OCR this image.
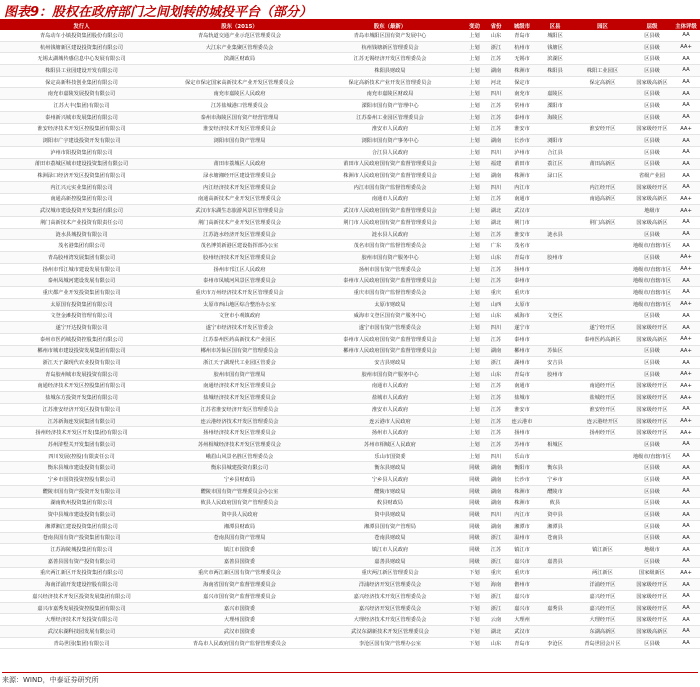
图表9：股权在政府部门之间划转的城投平台（部分）
发行人	股东（2015）	股东（最新）	变动	省份	城级市	区县	园区	层级	主体评级
青岛动车小镇投资集团股份有限公司	青岛轨道交通产业示范区管理委员会	青岛市城阳区国有资产发展中心	上划	山东	青岛市	城阳区		区县级	AA
杭州钱塘新区建设投资集团有限公司	大江东产业集聚区管理委员会	杭州钱塘新区管理委员会	上划	浙江	杭州市	钱塘区		区县级	AA+
无锡太湖城传感信息中心发展有限公司	滨湖区财政局	江苏无锡经济开发区管理委员会	上划	江苏	无锡市	滨湖区		区县级	AA
株阳县工业园建设开发有限公司		株阳县财政局	上划	湖南	株洲市	株阳县	株阳工业园区	区县级	AA
保定高新科技创业集团有限公司	保定市保定国家高新技术产业开发区管理委员会	保定高新技术产业开发区管理委员会	上划	河北	保定市		保定高新区	国家级高新区	AA
南充市嘉陵发展投资有限公司	南充市嘉陵区人民政府	南充市嘉陵区财政局	上划	四川	南充市	嘉陵区		区县级	AA
江苏大丰(集团)有限公司	江苏盐城港口管理委员会	溧阳市国有资产管理中心	上划	江苏	常州市	溧阳市		区县级	AA
泰州新兴城市发展集团有限公司	泰州市海陵区国有资产经营管理局	江苏泰州工业园区管理委员会	上划	江苏	泰州市	海陵区		区县级	AA
淮安经济技术开发区控股集团有限公司	淮安经济技术开发区管理委员会	淮安市人民政府	上划	江苏	淮安市		淮安经开区	国家级经开区	AA+
浏阳市广宇建设投资开发有限公司	浏阳市国有资产管理局	浏阳市国有资产事务中心	上划	湖南	长沙市	浏阳市		区县级	AA
泸州市阳投资集团有限公司		合江县人民政府	上划	四川	泸州市	合江县		区县级	AA
莆田市荔城区城市建设投资集团有限公司	莆田市荔城区人民政府	莆田市人民政府国有资产监督管理委员会	上划	福建	莆田市	荔江区	莆田高新区	区县级	AA
株洲渌口经济开发区投资集团有限公司	渌水塘湘经开区建设管理委员会	株洲市人民政府国有资产监督管理委员会	上划	湖南	株洲市	渌口区		省级产业园	AA
内江兴元实业集团有限公司	内江经济技术开发区管理委员会	内江市国有资产监督管理委员会	上划	四川	内江市		内江经开区	国家级经开区	AA
南通高新控股集团有限公司	南通高新技术产业开发区管理委员会	南通市人民政府	上划	江苏	南通市		南通高新区	国家级高新区	AA+
武汉城市建设投资开发集团有限公司	武汉市东湖生态旅游风景区管理委员会	武汉市人民政府国有资产监督管理委员会	上划	湖北	武汉市			地级市	AA+
荆门高新技术产业投资有限责任公司	荆门高新技术产业开发区管理委员会	荆门市人民政府国有资产监督管理委员会	上划	湖北	荆门市		荆门高新区	国家级高新区	AA
涟水县城投资有限公司	江苏涟水经济开发区管理委员会	涟水县人民政府	上划	江苏	淮安市	涟水县		区县级	AA
茂名港集团有限公司	茂名博贺新港区建设指挥部办公室	茂名市国有资产监督管理委员会	上划	广东	茂名市			地级市/直辖市区	AA
青岛胶州湾发展集团有限公司	胶州经济技术开发区管理委员会	胶州市国有资产服务中心	上划	山东	青岛市	胶州市		区县级	AA+
扬州市邗江城市建设发展有限公司	扬州市邗江区人民政府	扬州市国有资产管理委员会	上划	江苏	扬州市			地级市/直辖市区	AA+
泰州凤城河建设发展有限公司	泰州市凤城河风景区管理委员会	泰州市人民政府国有资产监督管理委员会	上划	江苏	泰州市			地级市/直辖市区	AA
重庆都产业开发投资集团有限公司	重庆市万州经济技术开发区管理委员会	重庆市国有资产监督管理委员会	上划	重庆	重庆市			地级市/直辖市区	AA
太原国有投资集团有限公司	太原市西山地区综合整治办公室	太原市财政局	上划	山西	太原市			地级市/直辖市区	AA+
文登金滩投资管理有限公司	文登市小观镇政府	威海市文登区国有资产服务中心	上划	山东	威海市	文登区		区县级	AA
遂宁开达投资有限公司	遂宁市经济技术开发区管委会	遂宁市国有资产管理委员会	上划	四川	遂宁市		遂宁经开区	国家级经开区	AA
泰州市医药城投资控股集团有限公司	江苏泰州医药高新技术产业园区	泰州市人民政府国有资产监督管理委员会	上划	江苏	泰州市		泰州医药高新区	国家级高新区	AA+
郴州市城市建设投资发展集团有限公司	郴州市苏仙区国有资产管理委员会	郴州市人民政府国有资产监督管理委员会	上划	湖南	郴州市	苏仙区		区县级	AA+
浙江天子湖现代农业投资有限公司	浙江天子湖现代工业园区管委会	安吉县财政局	上划	浙江	湖州市	安吉县		区县级	AA
青岛胶州城市发展投资有限公司	胶州市国有资产管理局	胶州市国有资产服务中心	上划	山东	青岛市	胶州市		区县级	AA+
南通经济技术开发区控股集团有限公司	南通经济技术开发区管理委员会	南通市人民政府	上划	江苏	南通市		南通经开区	国家级经开区	AA+
盐城东方投资开发集团有限公司	盐城经济技术开发区管理委员会	盐城市人民政府	上划	江苏	盐城市		盐城经开区	国家级经开区	AA+
江苏淮安经济开发区投资有限公司	江苏省淮安经济开发区管理委员会	淮安市人民政府	上划	江苏	淮安市		淮安经开区	国家级经开区	AA
江苏新海连发展集团有限公司	连云港经济技术开发区管理委员会	连云港市人民政府	上划	江苏	连云港市		连云港经开区	国家级经开区	AA+
扬州经济技术开发区开发(集团)有限公司	扬州经济技术开发区管理委员会	扬州市人民政府	上划	江苏	扬州市		扬州经开区	国家级经开区	AA+
苏州浒墅关开发集团有限公司	苏州相城经济技术开发区管理委员会	苏州市相城区人民政府	上划	江苏	苏州市	相城区		区县级	AA
四川发展(控股)有限责任公司	峨眉山风景名胜区管理委员会	乐山市国资委	上划	四川	乐山市			地级市/直辖市区	AA
衡东县城市建设投资有限公司	衡东县城建投资有限公司	衡东县财政局	同级	湖南	衡阳市	衡东县		区县级	AA
宁乡市国资投资控股有限公司	宁乡县财政局	宁乡县人民政府	同级	湖南	长沙市	宁乡市		区县级	AA
醴陵市国有资产投资开发有限公司	醴陵市国有资产管理委员会办公室	醴陵市财政局	同级	湖南	株洲市	醴陵市		区县级	AA
湖南攸州投资集团有限公司	攸县人民政府国有资产管理委员会	攸县财政局	同级	湖南	株洲市	攸县		区县级	AA
资中县城市建设投资有限公司	资中县人民政府	资中县财政局	同级	四川	内江市	资中县		区县级	AA
湘潭湘江建设投资集团有限公司	湘潭县财政局	湘潭县国有资产管理局	同级	湖南	湘潭市	湘潭县		区县级	AA
苍南县国有资产投资集团有限公司	苍南县国有资产管理局	苍南县财政局	同级	浙江	温州市	苍南县		区县级	AA
江苏海陵城投集团有限公司	镇江市国资委	镇江市人民政府	同级	江苏	镇江市		镇江新区	地级市	AA
嘉善县国有资产投资有限公司	嘉善县国资委	嘉善县财政局	同级	浙江	嘉兴市	嘉善县		区县级	AA
重庆两江新区开发投资集团有限公司	重庆市两江新区国有资产管理委员会	重庆两江新区管理委员会	下划	重庆	重庆市		两江新区	国家级新区	AA+
海南洋浦开发建设控股有限公司	海南省国有资产监督管理委员会	洋浦经济开发区管理委员会	下划	海南	儋州市		洋浦经开区	国家级经开区	AA
嘉兴经济技术开发区投资发展集团有限公司	嘉兴市国有资产监督管理委员会	嘉兴经济技术开发区管理委员会	下划	浙江	嘉兴市		嘉兴经开区	国家级经开区	AA
嘉兴市嘉秀发展投资控股集团有限公司	嘉兴市国资委	嘉兴经济开发区管理委员会	下划	浙江	嘉兴市	嘉秀县	嘉兴经开区	国家级经开区	AA
大理经济技术开发投资有限公司	大理州国资委	大理经济技术开发区管理委员会	下划	云南	大理州		大理经开区	国家级经开区	AA
武汉东湖科技园发展有限公司	武汉市国资委	武汉东湖新技术开发区管理委员会	下划	湖北	武汉市		东湖高新区	国家级高新区	AA
青岛世园(集团)有限公司	青岛市人民政府国有资产监督管理委员会	李沧区国有资产管理办公室	下划	山东	青岛市	李沧区	青岛世园会片区	区县级	AA
来源：WIND，中泰证券研究所
